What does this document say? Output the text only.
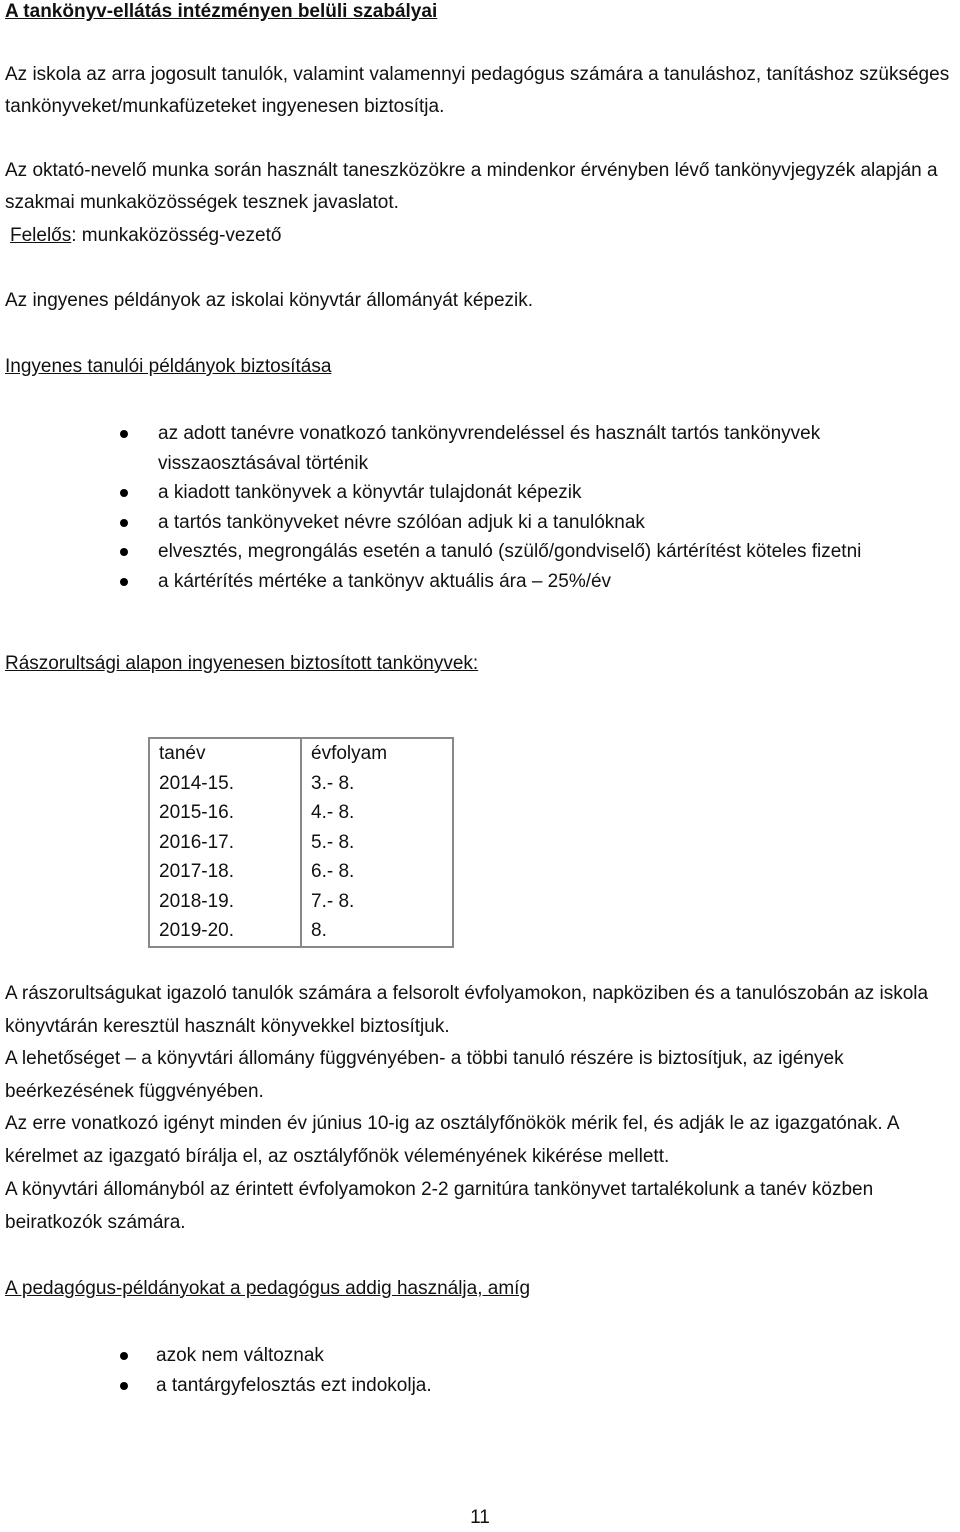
A tankönyv-ellátás intézményen belüli szabályai

Az iskola az arra jogosult tanulók, valamint valamennyi pedagógus számára a tanuláshoz, tanításhoz szükséges tankönyveket/munkafüzeteket ingyenesen biztosítja.

Az oktató-nevelő munka során használt taneszközökre a mindenkor érvényben lévő tankönyvjegyzék alapján a szakmai munkaközösségek tesznek javaslatot.

Felelős: munkaközösség-vezető

Az ingyenes példányok az iskolai könyvtár állományát képezik.

Ingyenes tanulói példányok biztosítása

az adott tanévre vonatkozó tankönyvrendeléssel és használt tartós tankönyvek visszaosztásával történik
a kiadott tankönyvek a könyvtár tulajdonát képezik
a tartós tankönyveket névre szólóan adjuk ki a tanulóknak
elvesztés, megrongálás esetén a tanuló (szülő/gondviselő) kártérítést köteles fizetni
a kártérítés mértéke a tankönyv aktuális ára – 25%/év

Rászorultsági alapon ingyenesen biztosított tankönyvek:

tanév	évfolyam
2014-15.	3.- 8.
2015-16.	4.- 8.
2016-17.	5.- 8.
2017-18.	6.- 8.
2018-19.	7.- 8.
2019-20.	8.

A rászorultságukat igazoló tanulók számára a felsorolt évfolyamokon, napköziben és a tanulószobán az iskola könyvtárán keresztül használt könyvekkel biztosítjuk.

A lehetőséget – a könyvtári állomány függvényében- a többi tanuló részére is biztosítjuk, az igények beérkezésének függvényében.

Az erre vonatkozó igényt minden év június 10-ig az osztályfőnökök mérik fel, és adják le az igazgatónak. A kérelmet az igazgató bírálja el, az osztályfőnök véleményének kikérése mellett.

A könyvtári állományból az érintett évfolyamokon 2-2 garnitúra tankönyvet tartalékolunk a tanév közben beiratkozók számára.

A pedagógus-példányokat a pedagógus addig használja, amíg

azok nem változnak
a tantárgyfelosztás ezt indokolja.
11
